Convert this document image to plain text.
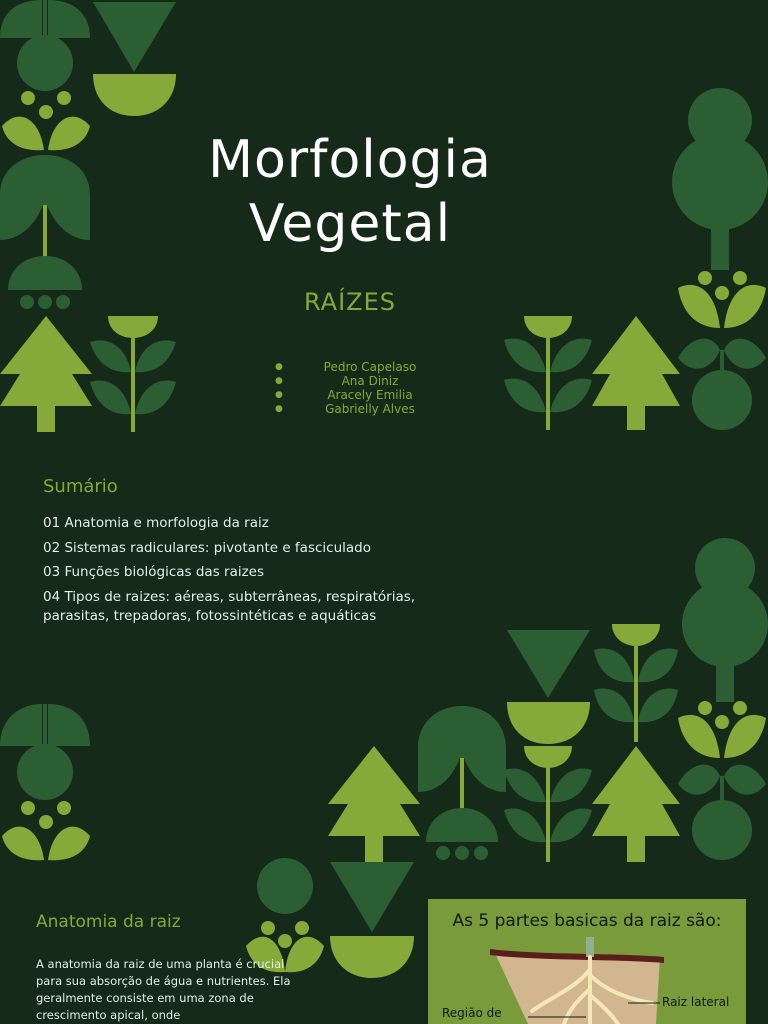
Morfologia
Vegetal
RAÍZES
●	Pedro Capelaso
●	Ana Diniz
●	Aracely Emilia
●	Gabrielly Alves
Sumário
01 Anatomia e morfologia da raiz
02 Sistemas radiculares: pivotante e fasciculado
03 Funções biológicas das raizes
04 Tipos de raizes: aéreas, subterrâneas, respiratórias, parasitas, trepadoras, fotossintéticas e aquáticas
Anatomia da raiz
A anatomia da raiz de uma planta é crucial para sua absorção de água e nutrientes. Ela geralmente consiste em uma zona de crescimento apical, onde
As 5 partes basicas da raiz são:
Raiz lateral
Região de
